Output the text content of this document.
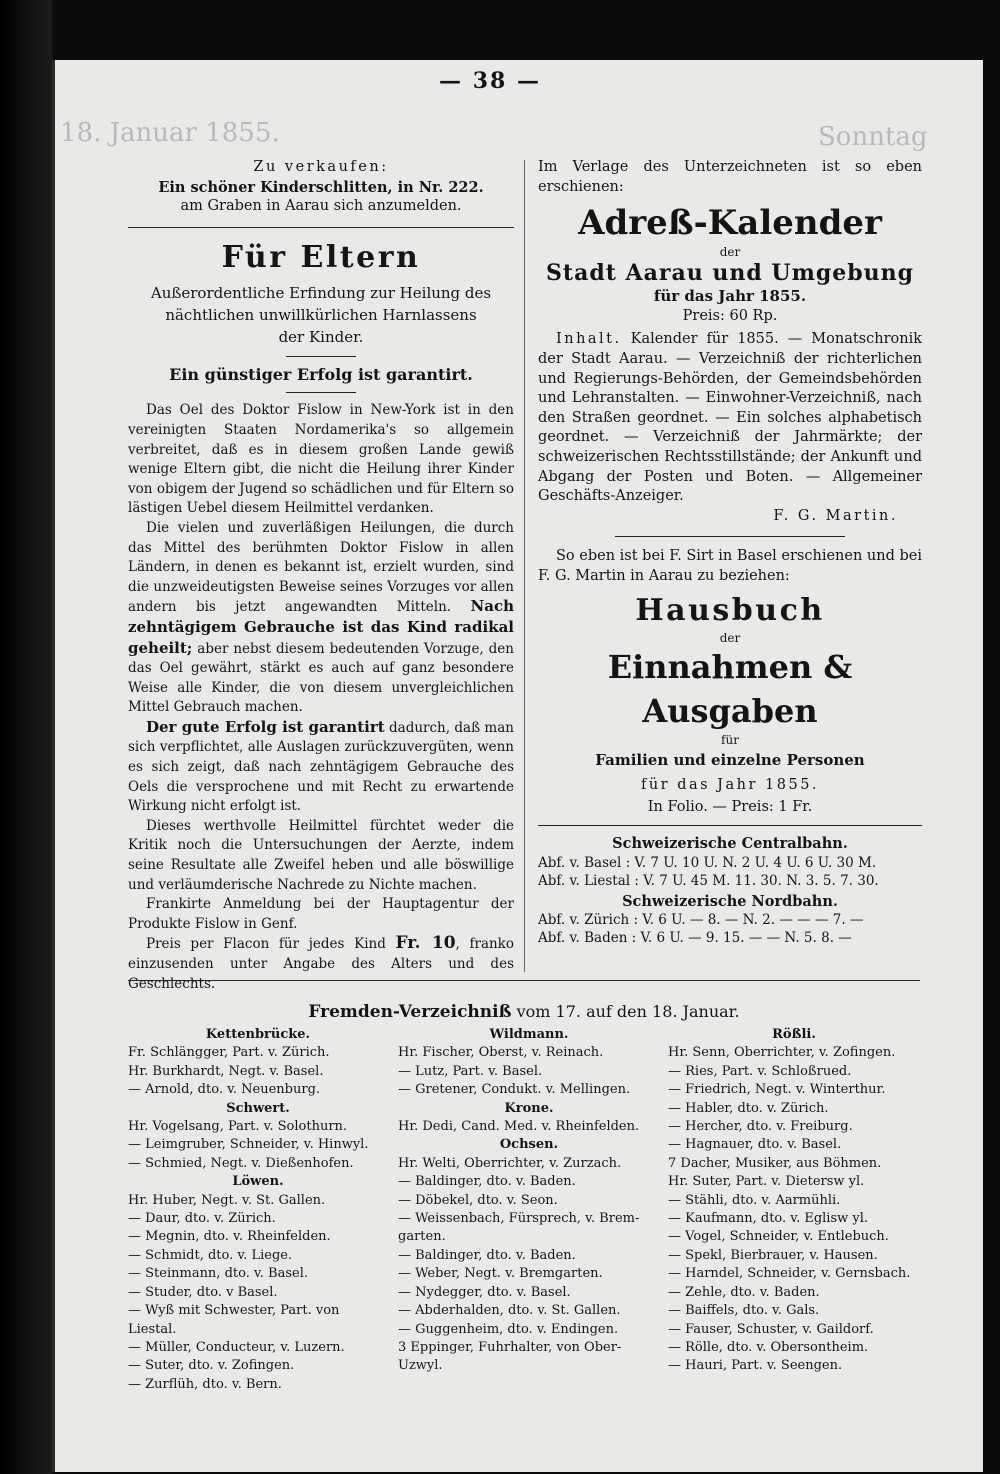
18. Januar 1855.	Sonntag
— 38 —
Zu verkaufen:
Ein schöner Kinderschlitten, in Nr. 222.
am Graben in Aarau sich anzumelden.
Für Eltern
Außerordentliche Erfindung zur Heilung des
nächtlichen unwillkürlichen Harnlassens
der Kinder.
Ein günstiger Erfolg ist garantirt.

Das Oel des Doktor Fislow in New-York ist in den vereinigten Staaten Nordamerika's so allgemein verbreitet, daß es in diesem großen Lande gewiß wenige Eltern gibt, die nicht die Heilung ihrer Kinder von obigem der Jugend so schädlichen und für Eltern so lästigen Uebel diesem Heilmittel verdanken.

Die vielen und zuverläßigen Heilungen, die durch das Mittel des berühmten Doktor Fislow in allen Ländern, in denen es bekannt ist, erzielt wurden, sind die unzweideutigsten Beweise seines Vorzuges vor allen andern bis jetzt angewandten Mitteln. Nach zehntägigem Gebrauche ist das Kind radikal geheilt; aber nebst diesem bedeutenden Vorzuge, den das Oel gewährt, stärkt es auch auf ganz besondere Weise alle Kinder, die von diesem unvergleichlichen Mittel Gebrauch machen.

Der gute Erfolg ist garantirt dadurch, daß man sich verpflichtet, alle Auslagen zurückzuvergüten, wenn es sich zeigt, daß nach zehntägigem Gebrauche des Oels die versprochene und mit Recht zu erwartende Wirkung nicht erfolgt ist.

Dieses werthvolle Heilmittel fürchtet weder die Kritik noch die Untersuchungen der Aerzte, indem seine Resultate alle Zweifel heben und alle böswillige und verläumderische Nachrede zu Nichte machen.

Frankirte Anmeldung bei der Hauptagentur der Produkte Fislow in Genf.

Preis per Flacon für jedes Kind Fr. 10, franko einzusenden unter Angabe des Alters und des Geschlechts.

Im Verlage des Unterzeichneten ist so eben erschienen:
Adreß-Kalender
der
Stadt Aarau und Umgebung
für das Jahr 1855.
Preis: 60 Rp.

Inhalt. Kalender für 1855. — Monatschronik der Stadt Aarau. — Verzeichniß der richterlichen und Regierungs-Behörden, der Gemeindsbehörden und Lehranstalten. — Einwohner-Verzeichniß, nach den Straßen geordnet. — Ein solches alphabetisch geordnet. — Verzeichniß der Jahrmärkte; der schweizerischen Rechtsstillstände; der Ankunft und Abgang der Posten und Boten. — Allgemeiner Geschäfts-Anzeiger.

F. G. Martin.

So eben ist bei F. Sirt in Basel erschienen und bei F. G. Martin in Aarau zu beziehen:

Hausbuch
der
Einnahmen & Ausgaben
für
Familien und einzelne Personen
für das Jahr 1855.
In Folio. — Preis: 1 Fr.
Schweizerische Centralbahn.
Abf. v. Basel : V. 7 U. 10 U. N. 2 U. 4 U. 6 U. 30 M.
Abf. v. Liestal : V. 7 U. 45 M. 11. 30. N. 3. 5. 7. 30.
Schweizerische Nordbahn.
Abf. v. Zürich : V. 6 U. — 8. — N. 2. — — — 7. —
Abf. v. Baden : V. 6 U. — 9. 15. — — N. 5. 8. —
Fremden-Verzeichniß vom 17. auf den 18. Januar.
Kettenbrücke.
Fr. Schlängger, Part. v. Zürich.
Hr. Burkhardt, Negt. v. Basel.
— Arnold, dto. v. Neuenburg.
Schwert.
Hr. Vogelsang, Part. v. Solothurn.
— Leimgruber, Schneider, v. Hinwyl.
— Schmied, Negt. v. Dießenhofen.
Löwen.
Hr. Huber, Negt. v. St. Gallen.
— Daur, dto. v. Zürich.
— Megnin, dto. v. Rheinfelden.
— Schmidt, dto. v. Liege.
— Steinmann, dto. v. Basel.
— Studer, dto. v Basel.
— Wyß mit Schwester, Part. von
Liestal.
— Müller, Conducteur, v. Luzern.
— Suter, dto. v. Zofingen.
— Zurflüh, dto. v. Bern.
Wildmann.
Hr. Fischer, Oberst, v. Reinach.
— Lutz, Part. v. Basel.
— Gretener, Condukt. v. Mellingen.
Krone.
Hr. Dedi, Cand. Med. v. Rheinfelden.
Ochsen.
Hr. Welti, Oberrichter, v. Zurzach.
— Baldinger, dto. v. Baden.
— Döbekel, dto. v. Seon.
— Weissenbach, Fürsprech, v. Brem-
garten.
— Baldinger, dto. v. Baden.
— Weber, Negt. v. Bremgarten.
— Nydegger, dto. v. Basel.
— Abderhalden, dto. v. St. Gallen.
— Guggenheim, dto. v. Endingen.
3 Eppinger, Fuhrhalter, von Ober-
Uzwyl.
Rößli.
Hr. Senn, Oberrichter, v. Zofingen.
— Ries, Part. v. Schloßrued.
— Friedrich, Negt. v. Winterthur.
— Habler, dto. v. Zürich.
— Hercher, dto. v. Freiburg.
— Hagnauer, dto. v. Basel.
7 Dacher, Musiker, aus Böhmen.
Hr. Suter, Part. v. Dietersw yl.
— Stähli, dto. v. Aarmühli.
— Kaufmann, dto. v. Eglisw yl.
— Vogel, Schneider, v. Entlebuch.
— Spekl, Bierbrauer, v. Hausen.
— Harndel, Schneider, v. Gernsbach.
— Zehle, dto. v. Baden.
— Baiffels, dto. v. Gals.
— Fauser, Schuster, v. Gaildorf.
— Rölle, dto. v. Obersontheim.
— Hauri, Part. v. Seengen.
